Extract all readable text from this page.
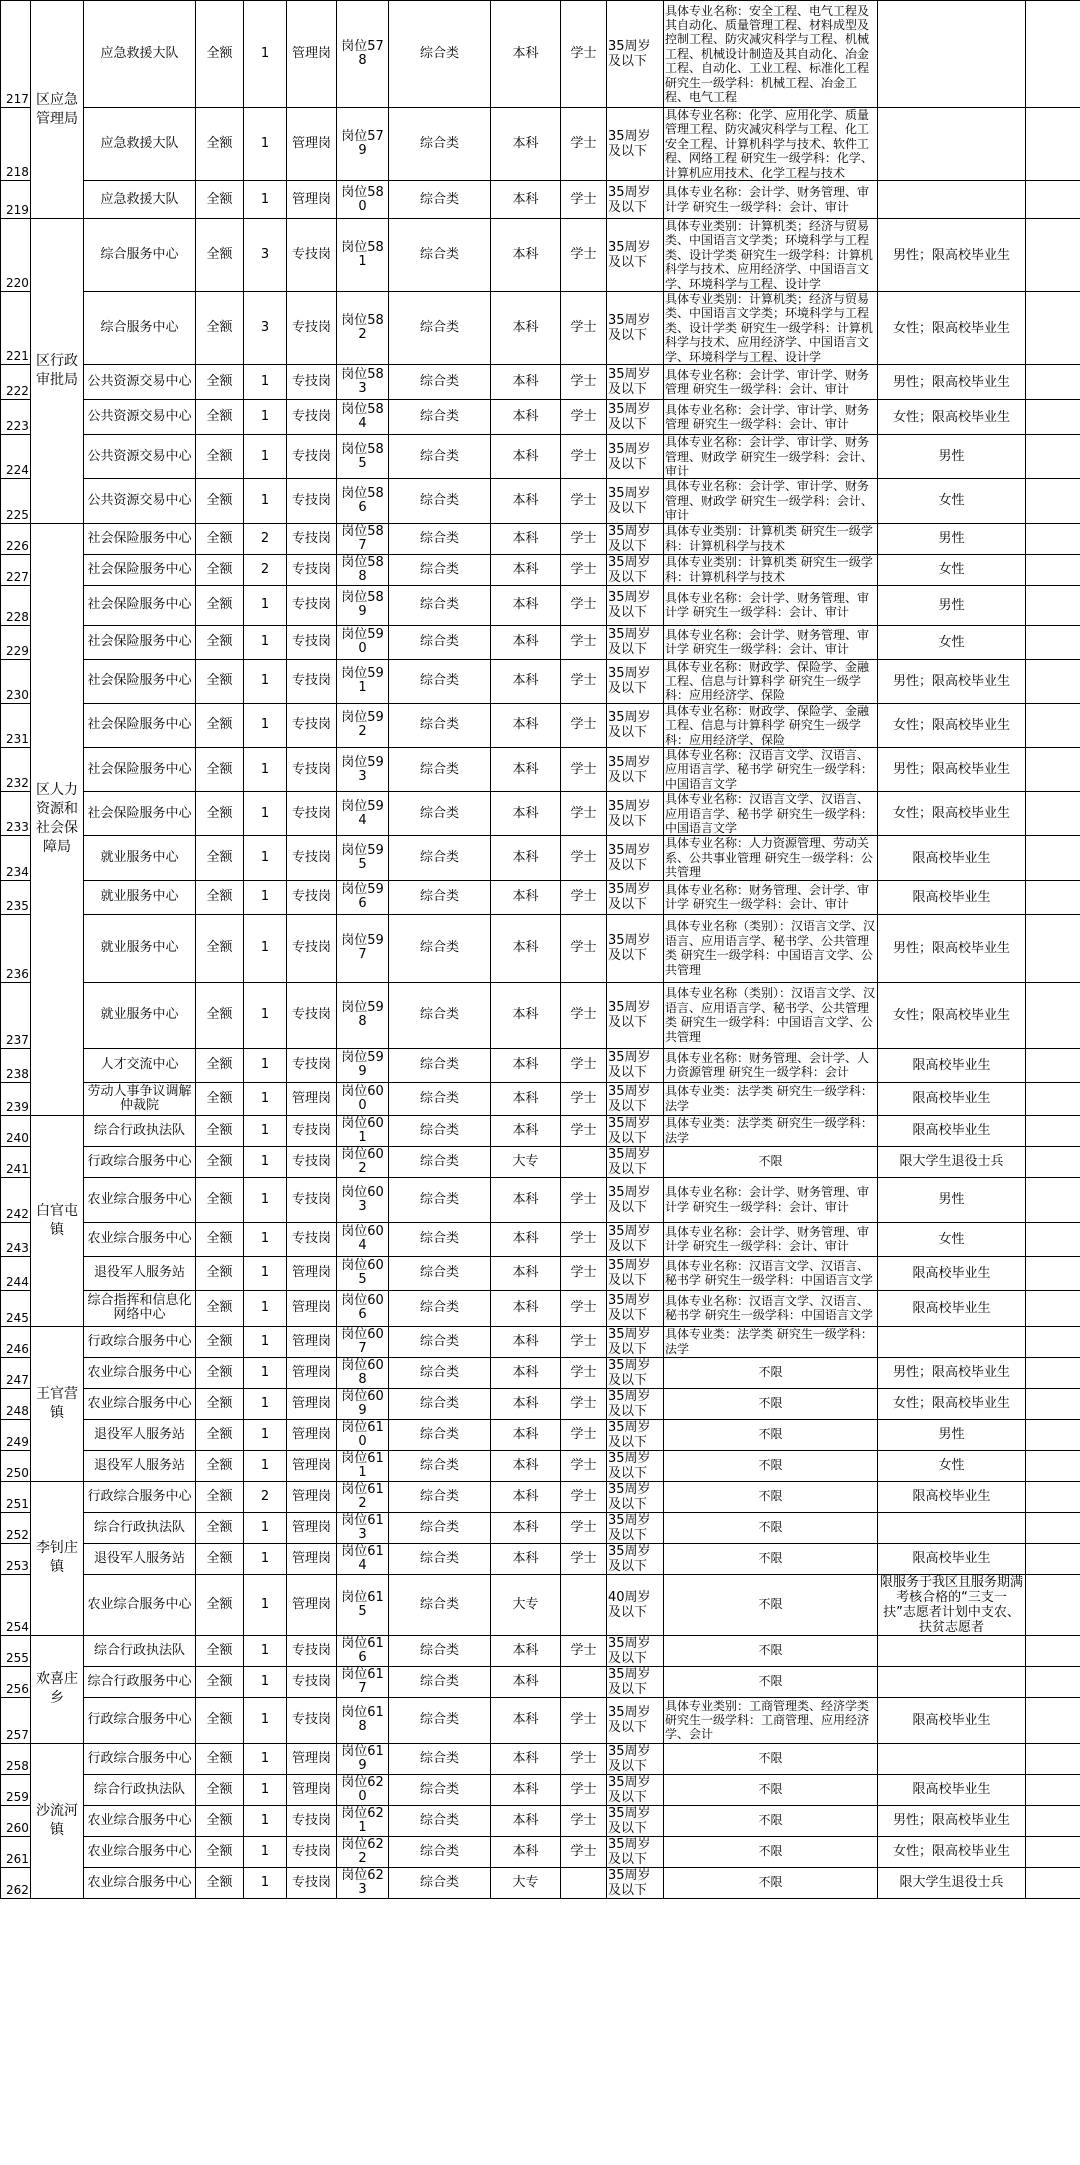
217	区应急管理局	应急救援大队	全额	1	管理岗	岗位578	综合类	本科	学士	35周岁及以下	具体专业名称：安全工程、电气工程及其自动化、质量管理工程、材料成型及控制工程、防灾减灾科学与工程、机械工程、机械设计制造及其自动化、冶金工程、自动化、工业工程、标准化工程 研究生一级学科：机械工程、冶金工程、电气工程		
218		应急救援大队	全额	1	管理岗	岗位579	综合类	本科	学士	35周岁及以下	具体专业名称：化学、应用化学、质量管理工程、防灾减灾科学与工程、化工安全工程、计算机科学与技术、软件工程、网络工程 研究生一级学科：化学、计算机应用技术、化学工程与技术		
219		应急救援大队	全额	1	管理岗	岗位580	综合类	本科	学士	35周岁及以下	具体专业名称：会计学、财务管理、审计学 研究生一级学科：会计、审计		
220	区行政审批局	综合服务中心	全额	3	专技岗	岗位581	综合类	本科	学士	35周岁及以下	具体专业类别：计算机类；经济与贸易类、中国语言文学类；环境科学与工程类、设计学类 研究生一级学科：计算机科学与技术、应用经济学、中国语言文学、环境科学与工程、设计学	男性；限高校毕业生	
221		综合服务中心	全额	3	专技岗	岗位582	综合类	本科	学士	35周岁及以下	具体专业类别：计算机类；经济与贸易类、中国语言文学类；环境科学与工程类、设计学类 研究生一级学科：计算机科学与技术、应用经济学、中国语言文学、环境科学与工程、设计学	女性；限高校毕业生	
222		公共资源交易中心	全额	1	专技岗	岗位583	综合类	本科	学士	35周岁及以下	具体专业名称：会计学、审计学、财务管理 研究生一级学科：会计、审计	男性；限高校毕业生	
223		公共资源交易中心	全额	1	专技岗	岗位584	综合类	本科	学士	35周岁及以下	具体专业名称：会计学、审计学、财务管理 研究生一级学科：会计、审计	女性；限高校毕业生	
224		公共资源交易中心	全额	1	专技岗	岗位585	综合类	本科	学士	35周岁及以下	具体专业名称：会计学、审计学、财务管理、财政学 研究生一级学科：会计、审计	男性	
225		公共资源交易中心	全额	1	专技岗	岗位586	综合类	本科	学士	35周岁及以下	具体专业名称：会计学、审计学、财务管理、财政学 研究生一级学科：会计、审计	女性	
226	区人力资源和社会保障局	社会保险服务中心	全额	2	专技岗	岗位587	综合类	本科	学士	35周岁及以下	具体专业类别：计算机类 研究生一级学科：计算机科学与技术	男性	
227		社会保险服务中心	全额	2	专技岗	岗位588	综合类	本科	学士	35周岁及以下	具体专业类别：计算机类 研究生一级学科：计算机科学与技术	女性	
228		社会保险服务中心	全额	1	专技岗	岗位589	综合类	本科	学士	35周岁及以下	具体专业名称：会计学、财务管理、审计学 研究生一级学科：会计、审计	男性	
229		社会保险服务中心	全额	1	专技岗	岗位590	综合类	本科	学士	35周岁及以下	具体专业名称：会计学、财务管理、审计学 研究生一级学科：会计、审计	女性	
230		社会保险服务中心	全额	1	专技岗	岗位591	综合类	本科	学士	35周岁及以下	具体专业名称：财政学、保险学、金融工程、信息与计算科学 研究生一级学科：应用经济学、保险	男性；限高校毕业生	
231		社会保险服务中心	全额	1	专技岗	岗位592	综合类	本科	学士	35周岁及以下	具体专业名称：财政学、保险学、金融工程、信息与计算科学 研究生一级学科：应用经济学、保险	女性；限高校毕业生	
232		社会保险服务中心	全额	1	专技岗	岗位593	综合类	本科	学士	35周岁及以下	具体专业名称：汉语言文学、汉语言、应用语言学、秘书学 研究生一级学科：中国语言文学	男性；限高校毕业生	
233		社会保险服务中心	全额	1	专技岗	岗位594	综合类	本科	学士	35周岁及以下	具体专业名称：汉语言文学、汉语言、应用语言学、秘书学 研究生一级学科：中国语言文学	女性；限高校毕业生	
234		就业服务中心	全额	1	专技岗	岗位595	综合类	本科	学士	35周岁及以下	具体专业名称：人力资源管理、劳动关系、公共事业管理 研究生一级学科：公共管理	限高校毕业生	
235		就业服务中心	全额	1	专技岗	岗位596	综合类	本科	学士	35周岁及以下	具体专业名称：财务管理、会计学、审计学 研究生一级学科：会计、审计	限高校毕业生	
236		就业服务中心	全额	1	专技岗	岗位597	综合类	本科	学士	35周岁及以下	具体专业名称（类别）：汉语言文学、汉语言、应用语言学、秘书学、公共管理类 研究生一级学科：中国语言文学、公共管理	男性；限高校毕业生	
237		就业服务中心	全额	1	专技岗	岗位598	综合类	本科	学士	35周岁及以下	具体专业名称（类别）：汉语言文学、汉语言、应用语言学、秘书学、公共管理类 研究生一级学科：中国语言文学、公共管理	女性；限高校毕业生	
238		人才交流中心	全额	1	专技岗	岗位599	综合类	本科	学士	35周岁及以下	具体专业名称：财务管理、会计学、人力资源管理 研究生一级学科：会计	限高校毕业生	
239		劳动人事争议调解仲裁院	全额	1	管理岗	岗位600	综合类	本科	学士	35周岁及以下	具体专业类：法学类 研究生一级学科：法学	限高校毕业生	
240	白官屯镇	综合行政执法队	全额	1	专技岗	岗位601	综合类	本科	学士	35周岁及以下	具体专业类：法学类 研究生一级学科：法学	限高校毕业生	
241		行政综合服务中心	全额	1	专技岗	岗位602	综合类	大专		35周岁及以下	不限	限大学生退役士兵	
242		农业综合服务中心	全额	1	专技岗	岗位603	综合类	本科	学士	35周岁及以下	具体专业名称：会计学、财务管理、审计学 研究生一级学科：会计、审计	男性	
243		农业综合服务中心	全额	1	专技岗	岗位604	综合类	本科	学士	35周岁及以下	具体专业名称：会计学、财务管理、审计学 研究生一级学科：会计、审计	女性	
244		退役军人服务站	全额	1	管理岗	岗位605	综合类	本科	学士	35周岁及以下	具体专业名称：汉语言文学、汉语言、秘书学 研究生一级学科：中国语言文学	限高校毕业生	
245		综合指挥和信息化网络中心	全额	1	管理岗	岗位606	综合类	本科	学士	35周岁及以下	具体专业名称：汉语言文学、汉语言、秘书学 研究生一级学科：中国语言文学	限高校毕业生	
246	王官营镇	行政综合服务中心	全额	1	管理岗	岗位607	综合类	本科	学士	35周岁及以下	具体专业类：法学类 研究生一级学科：法学		
247		农业综合服务中心	全额	1	管理岗	岗位608	综合类	本科	学士	35周岁及以下	不限	男性；限高校毕业生	
248		农业综合服务中心	全额	1	管理岗	岗位609	综合类	本科	学士	35周岁及以下	不限	女性；限高校毕业生	
249		退役军人服务站	全额	1	管理岗	岗位610	综合类	本科	学士	35周岁及以下	不限	男性	
250		退役军人服务站	全额	1	管理岗	岗位611	综合类	本科	学士	35周岁及以下	不限	女性	
251	李钊庄镇	行政综合服务中心	全额	2	管理岗	岗位612	综合类	本科	学士	35周岁及以下	不限	限高校毕业生	
252		综合行政执法队	全额	1	管理岗	岗位613	综合类	本科	学士	35周岁及以下	不限		
253		退役军人服务站	全额	1	管理岗	岗位614	综合类	本科	学士	35周岁及以下	不限	限高校毕业生	
254		农业综合服务中心	全额	1	管理岗	岗位615	综合类	大专		40周岁及以下	不限	限服务于我区且服务期满考核合格的“三支一扶”志愿者计划中支农、扶贫志愿者	
255	欢喜庄乡	综合行政执法队	全额	1	专技岗	岗位616	综合类	本科	学士	35周岁及以下	不限		
256		综合行政服务中心	全额	1	专技岗	岗位617	综合类	本科		35周岁及以下	不限		
257		行政综合服务中心	全额	1	专技岗	岗位618	综合类	本科	学士	35周岁及以下	具体专业类别：工商管理类、经济学类 研究生一级学科：工商管理、应用经济学、会计	限高校毕业生	
258	沙流河镇	行政综合服务中心	全额	1	管理岗	岗位619	综合类	本科	学士	35周岁及以下	不限		
259		综合行政执法队	全额	1	管理岗	岗位620	综合类	本科	学士	35周岁及以下	不限	限高校毕业生	
260		农业综合服务中心	全额	1	专技岗	岗位621	综合类	本科	学士	35周岁及以下	不限	男性；限高校毕业生	
261		农业综合服务中心	全额	1	专技岗	岗位622	综合类	本科	学士	35周岁及以下	不限	女性；限高校毕业生	
262		农业综合服务中心	全额	1	专技岗	岗位623	综合类	大专		35周岁及以下	不限	限大学生退役士兵	
